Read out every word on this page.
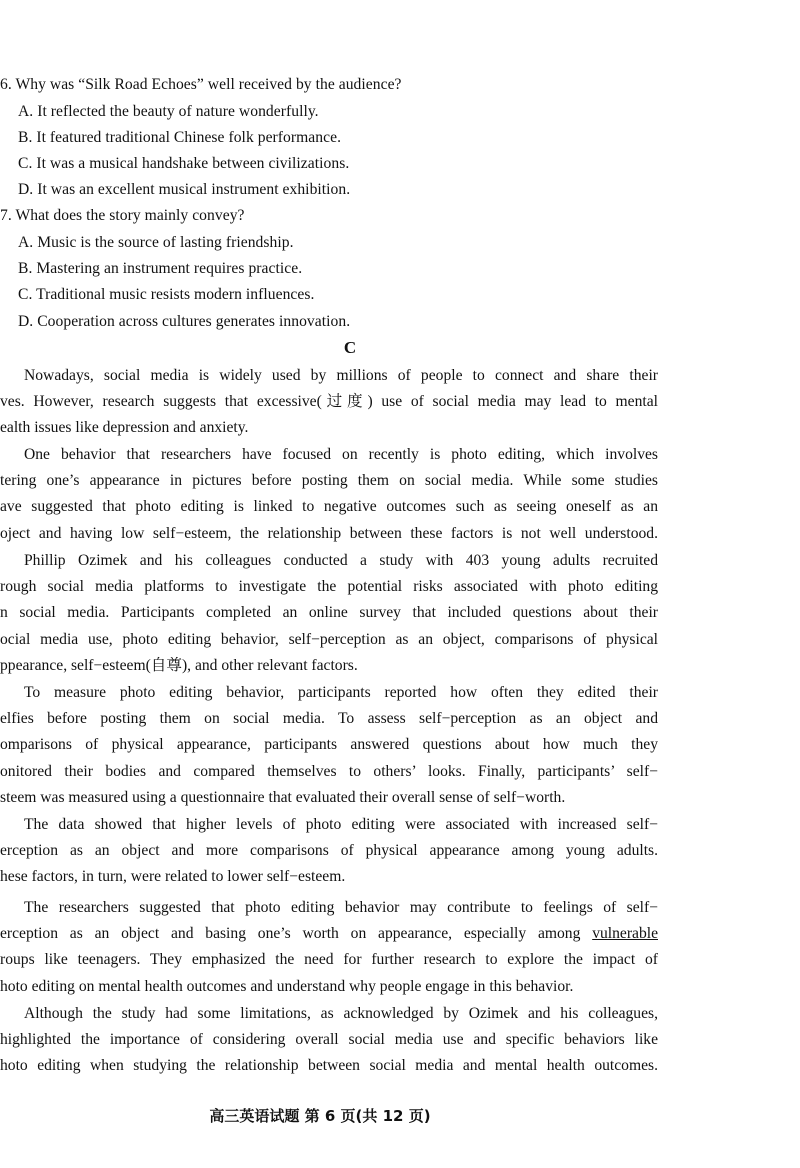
6. Why was “Silk Road Echoes” well received by the audience?
A. It reflected the beauty of nature wonderfully.
B. It featured traditional Chinese folk performance.
C. It was a musical handshake between civilizations.
D. It was an excellent musical instrument exhibition.
7. What does the story mainly convey?
A. Music is the source of lasting friendship.
B. Mastering an instrument requires practice.
C. Traditional music resists modern influences.
D. Cooperation across cultures generates innovation.
C
Nowadays, social media is widely used by millions of people to connect and share their
ves. However, research suggests that excessive(过度) use of social media may lead to mental
ealth issues like depression and anxiety.
One behavior that researchers have focused on recently is photo editing, which involves
tering one’s appearance in pictures before posting them on social media. While some studies
ave suggested that photo editing is linked to negative outcomes such as seeing oneself as an
oject and having low self−esteem, the relationship between these factors is not well understood.
Phillip Ozimek and his colleagues conducted a study with 403 young adults recruited
rough social media platforms to investigate the potential risks associated with photo editing
n social media. Participants completed an online survey that included questions about their
ocial media use, photo editing behavior, self−perception as an object, comparisons of physical
ppearance, self−esteem(自尊), and other relevant factors.
To measure photo editing behavior, participants reported how often they edited their
elfies before posting them on social media. To assess self−perception as an object and
omparisons of physical appearance, participants answered questions about how much they
onitored their bodies and compared themselves to others’ looks. Finally, participants’ self−
steem was measured using a questionnaire that evaluated their overall sense of self−worth.
The data showed that higher levels of photo editing were associated with increased self−
erception as an object and more comparisons of physical appearance among young adults.
hese factors, in turn, were related to lower self−esteem.
The researchers suggested that photo editing behavior may contribute to feelings of self−
erception as an object and basing one’s worth on appearance, especially among vulnerable
roups like teenagers. They emphasized the need for further research to explore the impact of
hoto editing on mental health outcomes and understand why people engage in this behavior.
Although the study had some limitations, as acknowledged by Ozimek and his colleagues,
highlighted the importance of considering overall social media use and specific behaviors like
hoto editing when studying the relationship between social media and mental health outcomes.
高三英语试题 第 6 页(共 12 页)
